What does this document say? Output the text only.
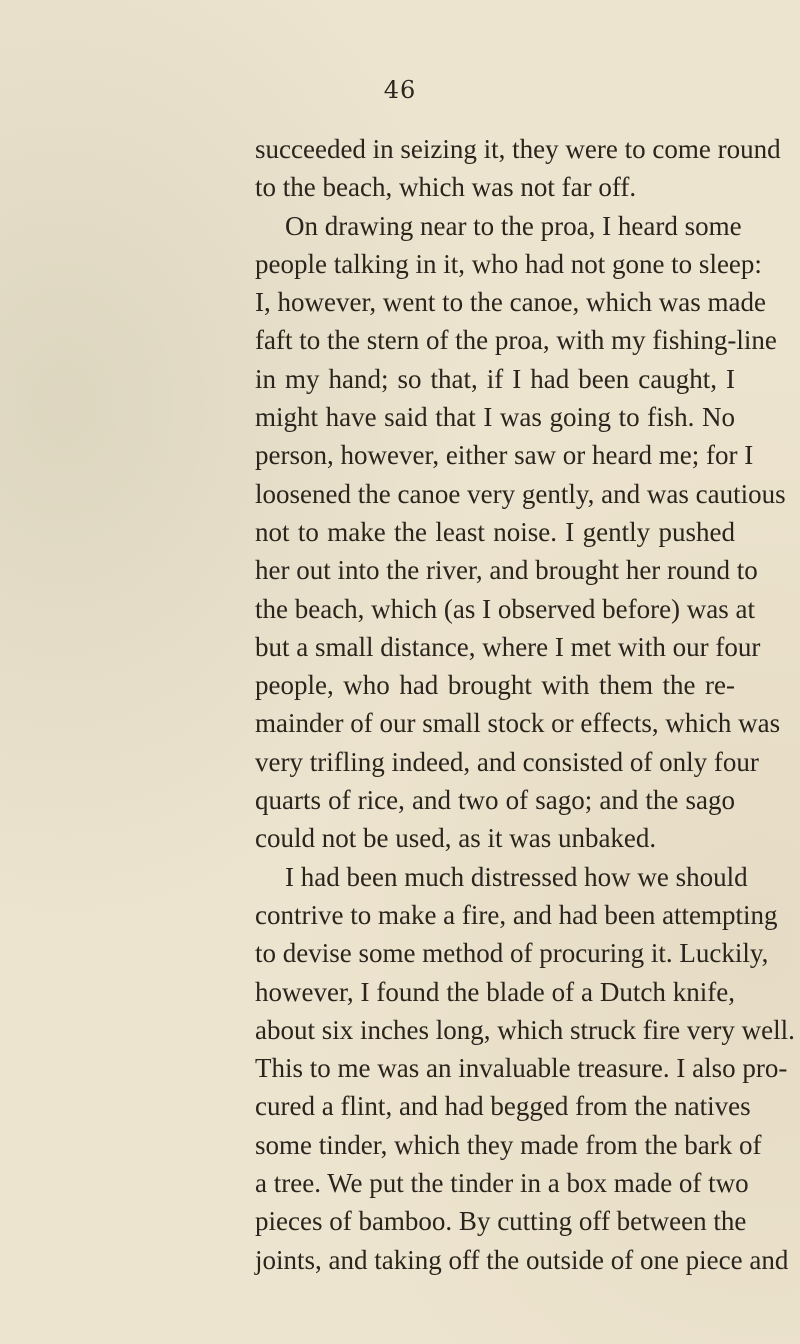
46
succeeded in seizing it, they were to come round
to the beach, which was not far off.
On drawing near to the proa, I heard some
people talking in it, who had not gone to sleep:
I, however, went to the canoe, which was made
faft to the stern of the proa, with my fishing-line
in my hand; so that, if I had been caught, I
might have said that I was going to fish. No
person, however, either saw or heard me; for I
loosened the canoe very gently, and was cautious
not to make the least noise. I gently pushed
her out into the river, and brought her round to
the beach, which (as I observed before) was at
but a small distance, where I met with our four
people, who had brought with them the re-
mainder of our small stock or effects, which was
very trifling indeed, and consisted of only four
quarts of rice, and two of sago; and the sago
could not be used, as it was unbaked.
I had been much distressed how we should
contrive to make a fire, and had been attempting
to devise some method of procuring it. Luckily,
however, I found the blade of a Dutch knife,
about six inches long, which struck fire very well.
This to me was an invaluable treasure. I also pro-
cured a flint, and had begged from the natives
some tinder, which they made from the bark of
a tree. We put the tinder in a box made of two
pieces of bamboo. By cutting off between the
joints, and taking off the outside of one piece and
